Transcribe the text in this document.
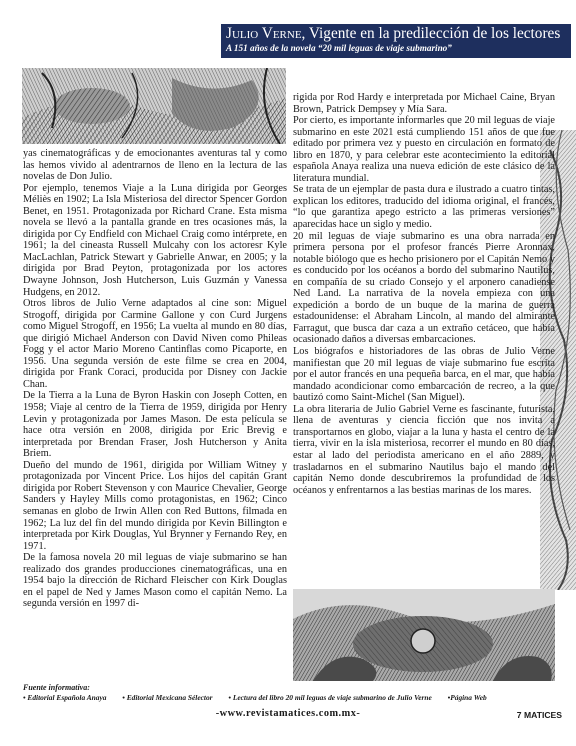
Julio Verne, Vigente en la predilección de los lectores
A 151 años de la novela “20 mil leguas de viaje submarino”

yas cinematográficas y de emocionantes aventuras tal y como las hemos vivido al adentrarnos de lleno en la lectura de las novelas de Don Julio.

Por ejemplo, tenemos Viaje a la Luna dirigida por Georges Méliès en 1902; La Isla Misteriosa del director Spencer Gordon Benet, en 1951. Protagonizada por Richard Crane. Esta misma novela se llevó a la pantalla grande en tres ocasiones más, la dirigida por Cy Endfield con Michael Craig como intérprete, en 1961; la del cineasta Russell Mulcahy con los actoresr Kyle MacLachlan, Patrick Stewart y Gabrielle Anwar, en 2005; y la dirigida por Brad Peyton, protagonizada por los actores Dwayne Johnson, Josh Hutcherson, Luis Guzmán y Vanessa Hudgens, en 2012.

Otros libros de Julio Verne adaptados al cine son: Miguel Strogoff, dirigida por Carmine Gallone y con Curd Jurgens como Miguel Strogoff, en 1956; La vuelta al mundo en 80 días, que dirigió Michael Anderson con David Niven como Phileas Fogg y el actor Mario Moreno Cantinflas como Picaporte, en 1956. Una segunda versión de este filme se crea en 2004, dirigida por Frank Coraci, producida por Disney con Jackie Chan.

De la Tierra a la Luna de Byron Haskin con Joseph Cotten, en 1958; Viaje al centro de la Tierra de 1959, dirigida por Henry Levin y protagonizada por James Mason. De esta película se hace otra versión en 2008, dirigida por Eric Brevig e interpretada por Brendan Fraser, Josh Hutcherson y Anita Briem.

Dueño del mundo de 1961, dirigida por William Witney y protagonizada por Vincent Price. Los hijos del capitán Grant dirigida por Robert Stevenson y con Maurice Chevalier, George Sanders y Hayley Mills como protagonistas, en 1962; Cinco semanas en globo de Irwin Allen con Red Buttons, filmada en 1962; La luz del fin del mundo dirigida por Kevin Billington e interpretada por Kirk Douglas, Yul Brynner y Fernando Rey, en 1971.

De la famosa novela 20 mil leguas de viaje submarino se han realizado dos grandes producciones cinematográficas, una en 1954 bajo la dirección de Richard Fleischer con Kirk Douglas en el papel de Ned y James Mason como el capitán Nemo. La segunda versión en 1997 di-

rigida por Rod Hardy e interpretada por Michael Caine, Bryan Brown, Patrick Dempsey y Mía Sara.

Por cierto, es importante informarles que 20 mil leguas de viaje submarino en este 2021 está cumpliendo 151 años de que fue editado por primera vez y puesto en circulación en formato de libro en 1870, y para celebrar este acontecimiento la editorial española Anaya realiza una nueva edición de este clásico de la literatura mundial.

Se trata de un ejemplar de pasta dura e ilustrado a cuatro tintas, explican los editores, traducido del idioma original, el francés, “lo que garantiza apego estricto a las primeras versiones” aparecidas hace un siglo y medio.

20 mil leguas de viaje submarino es una obra narrada en primera persona por el profesor francés Pierre Aronnax, notable biólogo que es hecho prisionero por el Capitán Nemo y es conducido por los océanos a bordo del submarino Nautilus, en compañía de su criado Consejo y el arponero canadiense Ned Land. La narrativa de la novela empieza con una expedición a bordo de un buque de la marina de guerra estadounidense: el Abraham Lincoln, al mando del almirante Farragut, que busca dar caza a un extraño cetáceo, que había ocasionado daños a diversas embarcaciones.

Los biógrafos e historiadores de las obras de Julio Verne manifiestan que 20 mil leguas de viaje submarino fue escrita por el autor francés en una pequeña barca, en el mar, que había mandado acondicionar como embarcación de recreo, a la que bautizó como Saint-Michel (San Miguel).

La obra literaria de Julio Gabriel Verne es fascinante, futurista, llena de aventuras y ciencia ficción que nos invita a transportarnos en globo, viajar a la luna y hasta el centro de la tierra, vivir en la isla misteriosa, recorrer el mundo en 80 días, estar al lado del periodista americano en el año 2889, y trasladarnos en el submarino Nautilus bajo el mando del capitán Nemo donde descubriremos la profundidad de los océanos y enfrentarnos a las bestias marinas de los mares.

Fuente informativa:
• Editorial Española Anaya • Editorial Mexicana Sélector • Lectura del libro 20 mil leguas de viaje submarino de Julio Verne •Página Web
-www.revistamatices.com.mx-	7 MATICES
